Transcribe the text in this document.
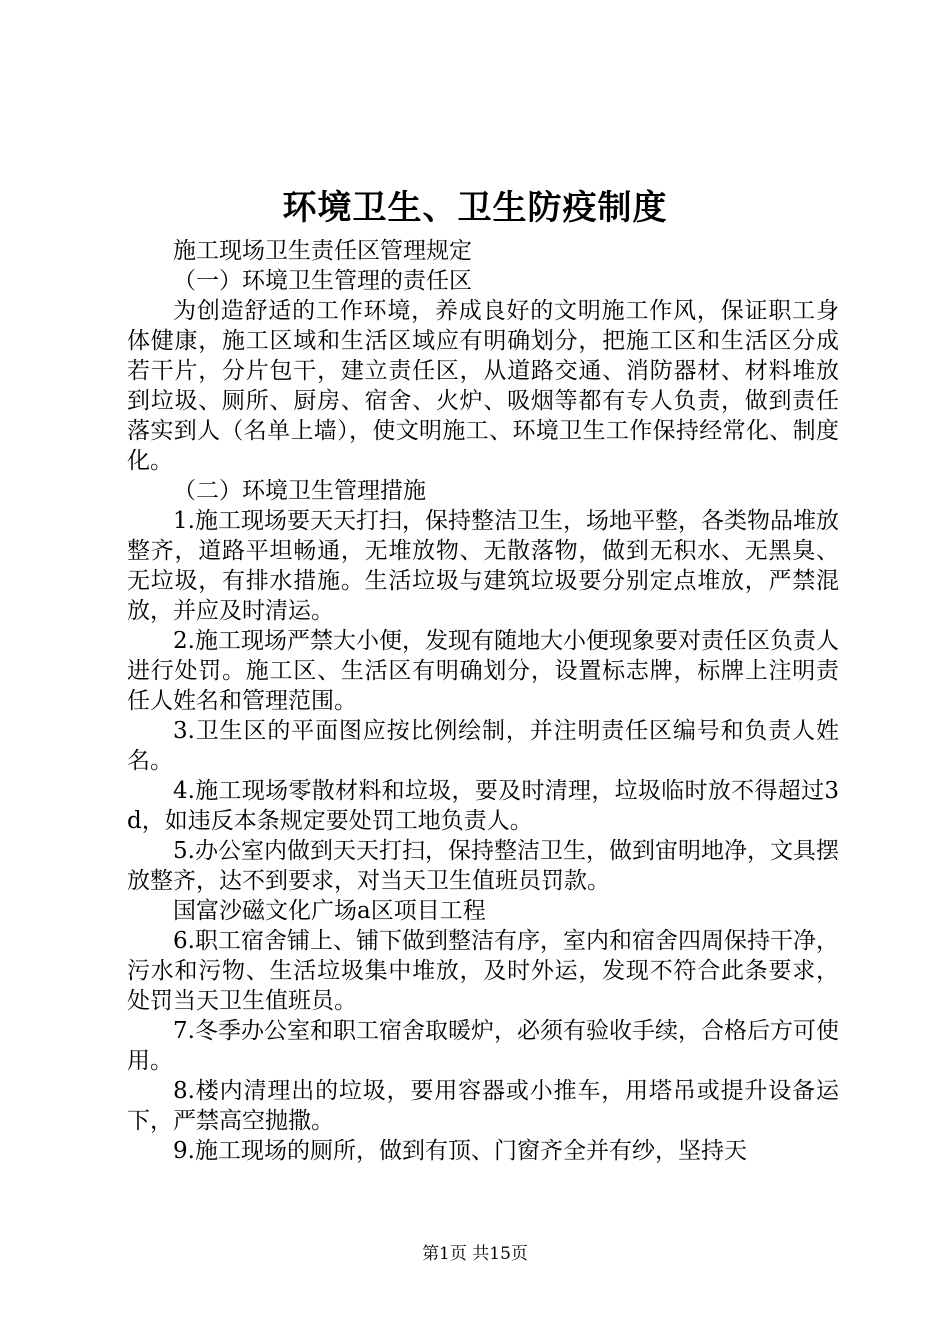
环境卫生、卫生防疫制度

施工现场卫生责任区管理规定

（一）环境卫生管理的责任区

为创造舒适的工作环境，养成良好的文明施工作风，保证职工身体健康，施工区域和生活区域应有明确划分，把施工区和生活区分成若干片，分片包干，建立责任区，从道路交通、消防器材、材料堆放到垃圾、厕所、厨房、宿舍、火炉、吸烟等都有专人负责，做到责任落实到人（名单上墙），使文明施工、环境卫生工作保持经常化、制度化。

（二）环境卫生管理措施

1.施工现场要天天打扫，保持整洁卫生，场地平整，各类物品堆放整齐，道路平坦畅通，无堆放物、无散落物，做到无积水、无黑臭、无垃圾，有排水措施。生活垃圾与建筑垃圾要分别定点堆放，严禁混放，并应及时清运。

2.施工现场严禁大小便，发现有随地大小便现象要对责任区负责人进行处罚。施工区、生活区有明确划分，设置标志牌，标牌上注明责任人姓名和管理范围。

3.卫生区的平面图应按比例绘制，并注明责任区编号和负责人姓名。

4.施工现场零散材料和垃圾，要及时清理，垃圾临时放不得超过3d，如违反本条规定要处罚工地负责人。

5.办公室内做到天天打扫，保持整洁卫生，做到宙明地净，文具摆放整齐，达不到要求，对当天卫生值班员罚款。

国富沙磁文化广场a区项目工程

6.职工宿舍铺上、铺下做到整洁有序，室内和宿舍四周保持干净，污水和污物、生活垃圾集中堆放，及时外运，发现不符合此条要求，处罚当天卫生值班员。

7.冬季办公室和职工宿舍取暖炉，必须有验收手续，合格后方可使用。

8.楼内清理出的垃圾，要用容器或小推车，用塔吊或提升设备运下，严禁高空抛撒。

9.施工现场的厕所，做到有顶、门窗齐全并有纱，坚持天

第1页 共15页
